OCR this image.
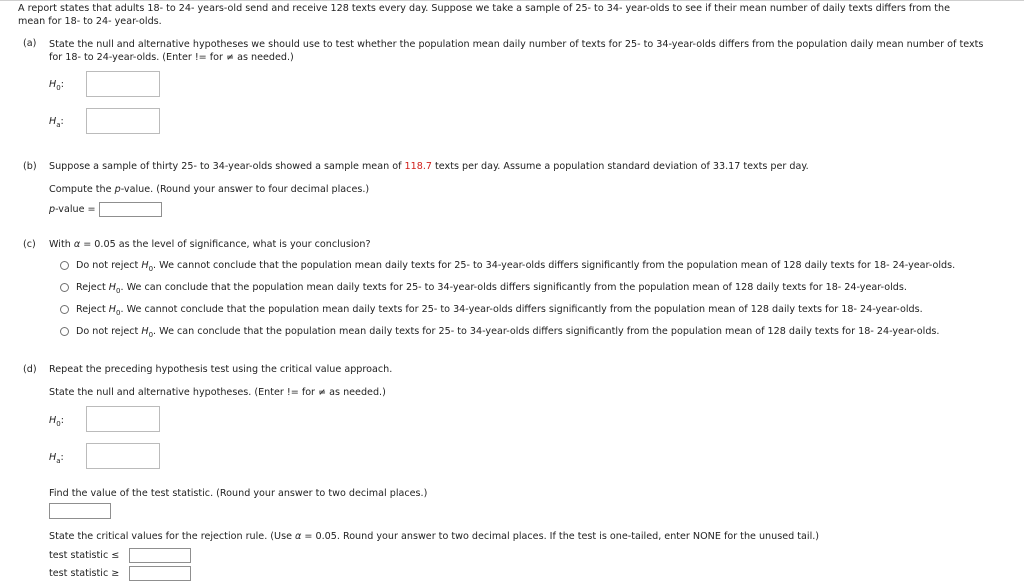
A report states that adults 18- to 24- years-old send and receive 128 texts every day. Suppose we take a sample of 25- to 34- year-olds to see if their mean number of daily texts differs from the
mean for 18- to 24- year-olds.
(a) State the null and alternative hypotheses we should use to test whether the population mean daily number of texts for 25- to 34-year-olds differs from the population daily mean number of texts
for 18- to 24-year-olds. (Enter != for ≠ as needed.)
$H_0$:
$H_a$:
(b) Suppose a sample of thirty 25- to 34-year-olds showed a sample mean of 118.7 texts per day. Assume a population standard deviation of 33.17 texts per day.
Compute the p-value. (Round your answer to four decimal places.)
p-value =
(c) With α = 0.05 as the level of significance, what is your conclusion?
Do not reject $H_0$. We cannot conclude that the population mean daily texts for 25- to 34-year-olds differs significantly from the population mean of 128 daily texts for 18- 24-year-olds.
Reject $H_0$. We can conclude that the population mean daily texts for 25- to 34-year-olds differs significantly from the population mean of 128 daily texts for 18- 24-year-olds.
Reject $H_0$. We cannot conclude that the population mean daily texts for 25- to 34-year-olds differs significantly from the population mean of 128 daily texts for 18- 24-year-olds.
Do not reject $H_0$. We can conclude that the population mean daily texts for 25- to 34-year-olds differs significantly from the population mean of 128 daily texts for 18- 24-year-olds.
(d) Repeat the preceding hypothesis test using the critical value approach.
State the null and alternative hypotheses. (Enter != for ≠ as needed.)
$H_0$:
$H_a$:
Find the value of the test statistic. (Round your answer to two decimal places.)
State the critical values for the rejection rule. (Use α = 0.05. Round your answer to two decimal places. If the test is one-tailed, enter NONE for the unused tail.)
test statistic ≤
test statistic ≥
